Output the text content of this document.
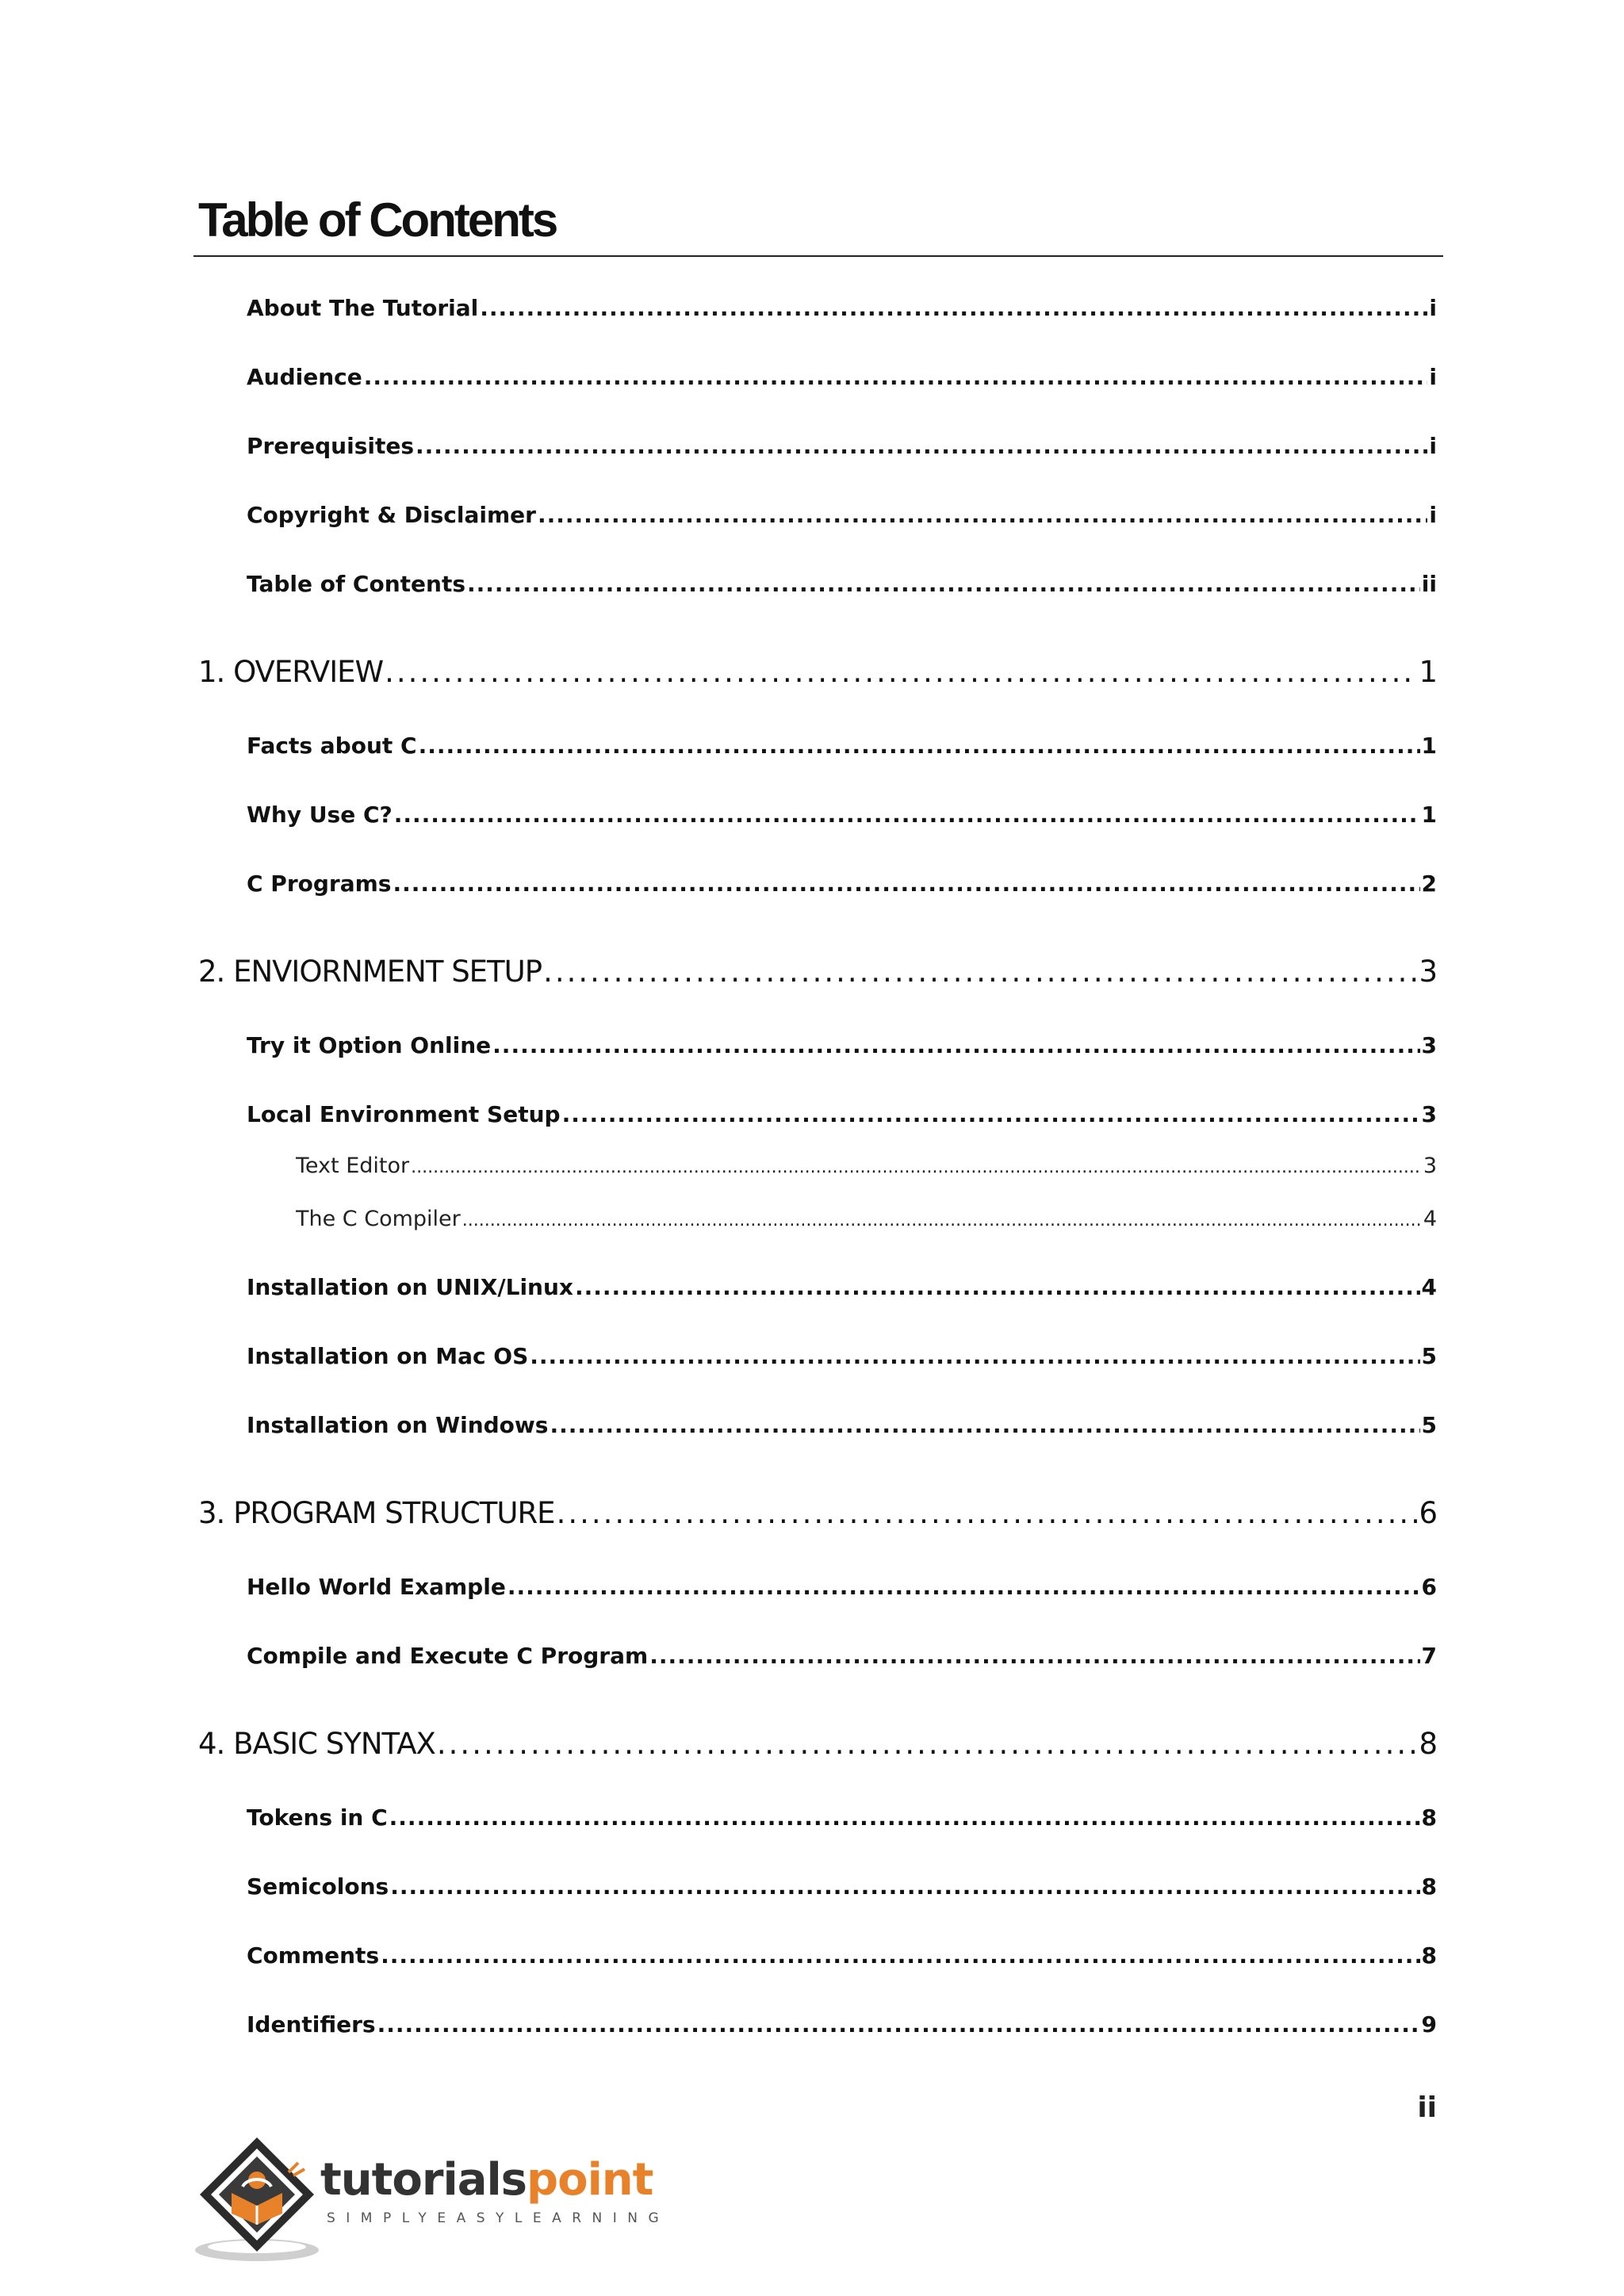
Table of Contents
About The Tutorial .....	i
Audience .....	i
Prerequisites .....	i
Copyright & Disclaimer .....	i
Table of Contents .....	ii
1. OVERVIEW .....	1
Facts about C .....	1
Why Use C? .....	1
C Programs .....	2
2. ENVIORNMENT SETUP .....	3
Try it Option Online .....	3
Local Environment Setup .....	3
Text Editor .....	3
The C Compiler .....	4
Installation on UNIX/Linux .....	4
Installation on Mac OS .....	5
Installation on Windows .....	5
3. PROGRAM STRUCTURE .....	6
Hello World Example .....	6
Compile and Execute C Program .....	7
4. BASIC SYNTAX .....	8
Tokens in C .....	8
Semicolons .....	8
Comments .....	8
Identifiers .....	9
ii
tutorialspoint
SIMPLYEASYLEARNING
